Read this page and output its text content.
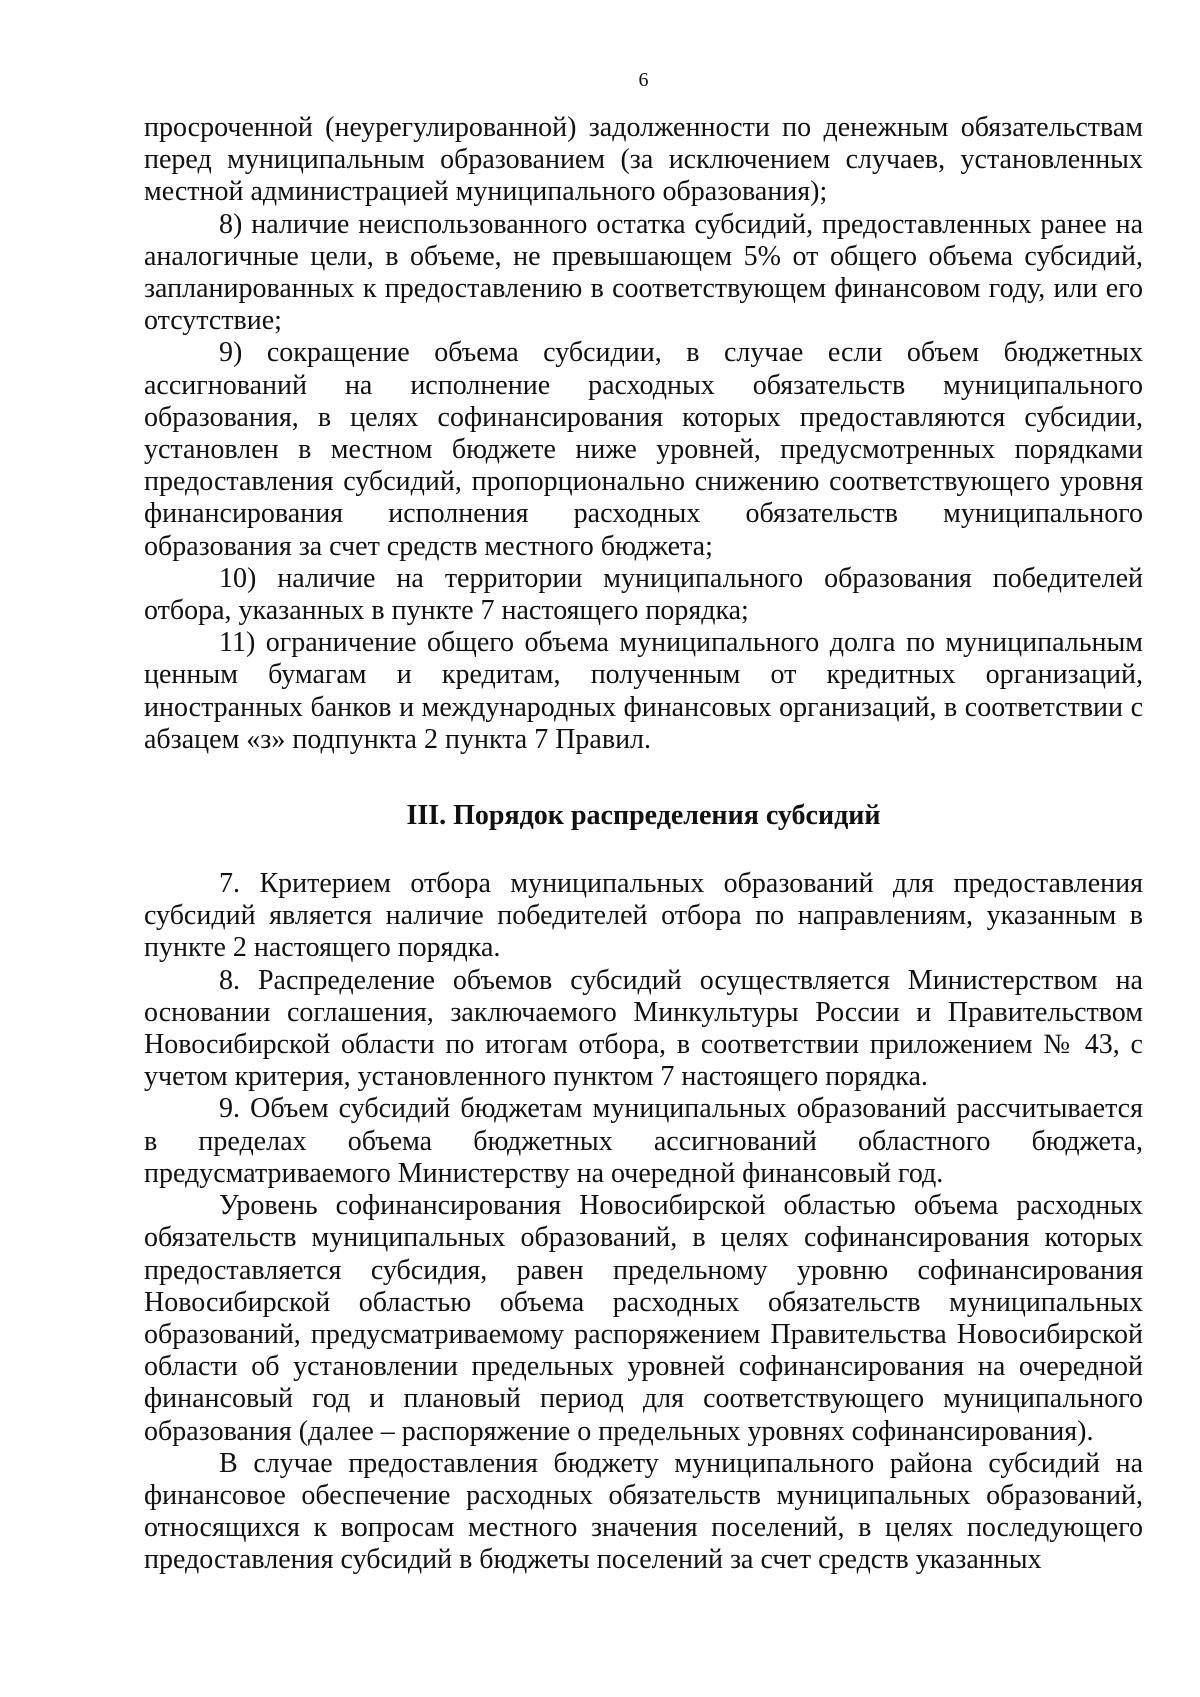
6

просроченной (неурегулированной) задолженности по денежным обязательствам перед муниципальным образованием (за исключением случаев, установленных местной администрацией муниципального образования);

8) наличие неиспользованного остатка субсидий, предоставленных ранее на аналогичные цели, в объеме, не превышающем 5% от общего объема субсидий, запланированных к предоставлению в соответствующем финансовом году, или его отсутствие;

9) сокращение объема субсидии, в случае если объем бюджетных ассигнований на исполнение расходных обязательств муниципального образования, в целях софинансирования которых предоставляются субсидии, установлен в местном бюджете ниже уровней, предусмотренных порядками предоставления субсидий, пропорционально снижению соответствующего уровня финансирования исполнения расходных обязательств муниципального образования за счет средств местного бюджета;

10) наличие на территории муниципального образования победителей отбора, указанных в пункте 7 настоящего порядка;

11) ограничение общего объема муниципального долга по муниципальным ценным бумагам и кредитам, полученным от кредитных организаций, иностранных банков и международных финансовых организаций, в соответствии с абзацем «з» подпункта 2 пункта 7 Правил.

III. Порядок распределения субсидий

7. Критерием отбора муниципальных образований для предоставления субсидий является наличие победителей отбора по направлениям, указанным в пункте 2 настоящего порядка.

8. Распределение объемов субсидий осуществляется Министерством на основании соглашения, заключаемого Минкультуры России и Правительством Новосибирской области по итогам отбора, в соответствии приложением № 43, с учетом критерия, установленного пунктом 7 настоящего порядка.

9. Объем субсидий бюджетам муниципальных образований рассчитывается в пределах объема бюджетных ассигнований областного бюджета, предусматриваемого Министерству на очередной финансовый год.

Уровень софинансирования Новосибирской областью объема расходных обязательств муниципальных образований, в целях софинансирования которых предоставляется субсидия, равен предельному уровню софинансирования Новосибирской областью объема расходных обязательств муниципальных образований, предусматриваемому распоряжением Правительства Новосибирской области об установлении предельных уровней софинансирования на очередной финансовый год и плановый период для соответствующего муниципального образования (далее – распоряжение о предельных уровнях софинансирования).

В случае предоставления бюджету муниципального района субсидий на финансовое обеспечение расходных обязательств муниципальных образований, относящихся к вопросам местного значения поселений, в целях последующего предоставления субсидий в бюджеты поселений за счет средств указанных
